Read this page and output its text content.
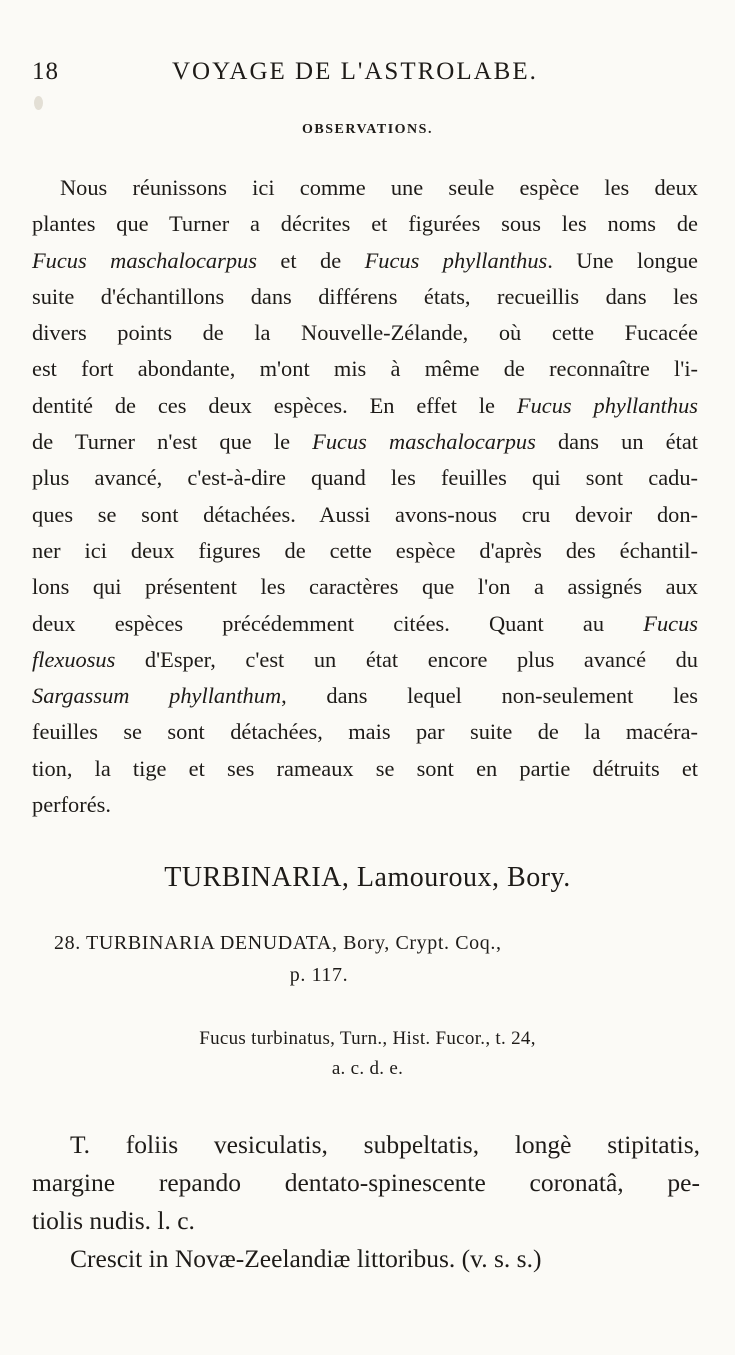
18	VOYAGE DE L'ASTROLABE.
OBSERVATIONS.
Nous réunissons ici comme une seule espèce les deux
plantes que Turner a décrites et figurées sous les noms de
Fucus maschalocarpus et de Fucus phyllanthus. Une longue
suite d'échantillons dans différens états, recueillis dans les
divers points de la Nouvelle-Zélande, où cette Fucacée
est fort abondante, m'ont mis à même de reconnaître l'i-
dentité de ces deux espèces. En effet le Fucus phyllanthus
de Turner n'est que le Fucus maschalocarpus dans un état
plus avancé, c'est-à-dire quand les feuilles qui sont cadu-
ques se sont détachées. Aussi avons-nous cru devoir don-
ner ici deux figures de cette espèce d'après des échantil-
lons qui présentent les caractères que l'on a assignés aux
deux espèces précédemment citées. Quant au Fucus
flexuosus d'Esper, c'est un état encore plus avancé du
Sargassum phyllanthum, dans lequel non-seulement les
feuilles se sont détachées, mais par suite de la macéra-
tion, la tige et ses rameaux se sont en partie détruits et
perforés.
TURBINARIA, Lamouroux, Bory.
28. TURBINARIA DENUDATA, Bory, Crypt. Coq.,
p. 117.
Fucus turbinatus, Turn., Hist. Fucor., t. 24,
a. c. d. e.
T. foliis vesiculatis, subpeltatis, longè stipitatis,
margine repando dentato-spinescente coronatâ, pe-
tiolis nudis. l. c.
Crescit in Novæ-Zeelandiæ littoribus. (v. s. s.)
